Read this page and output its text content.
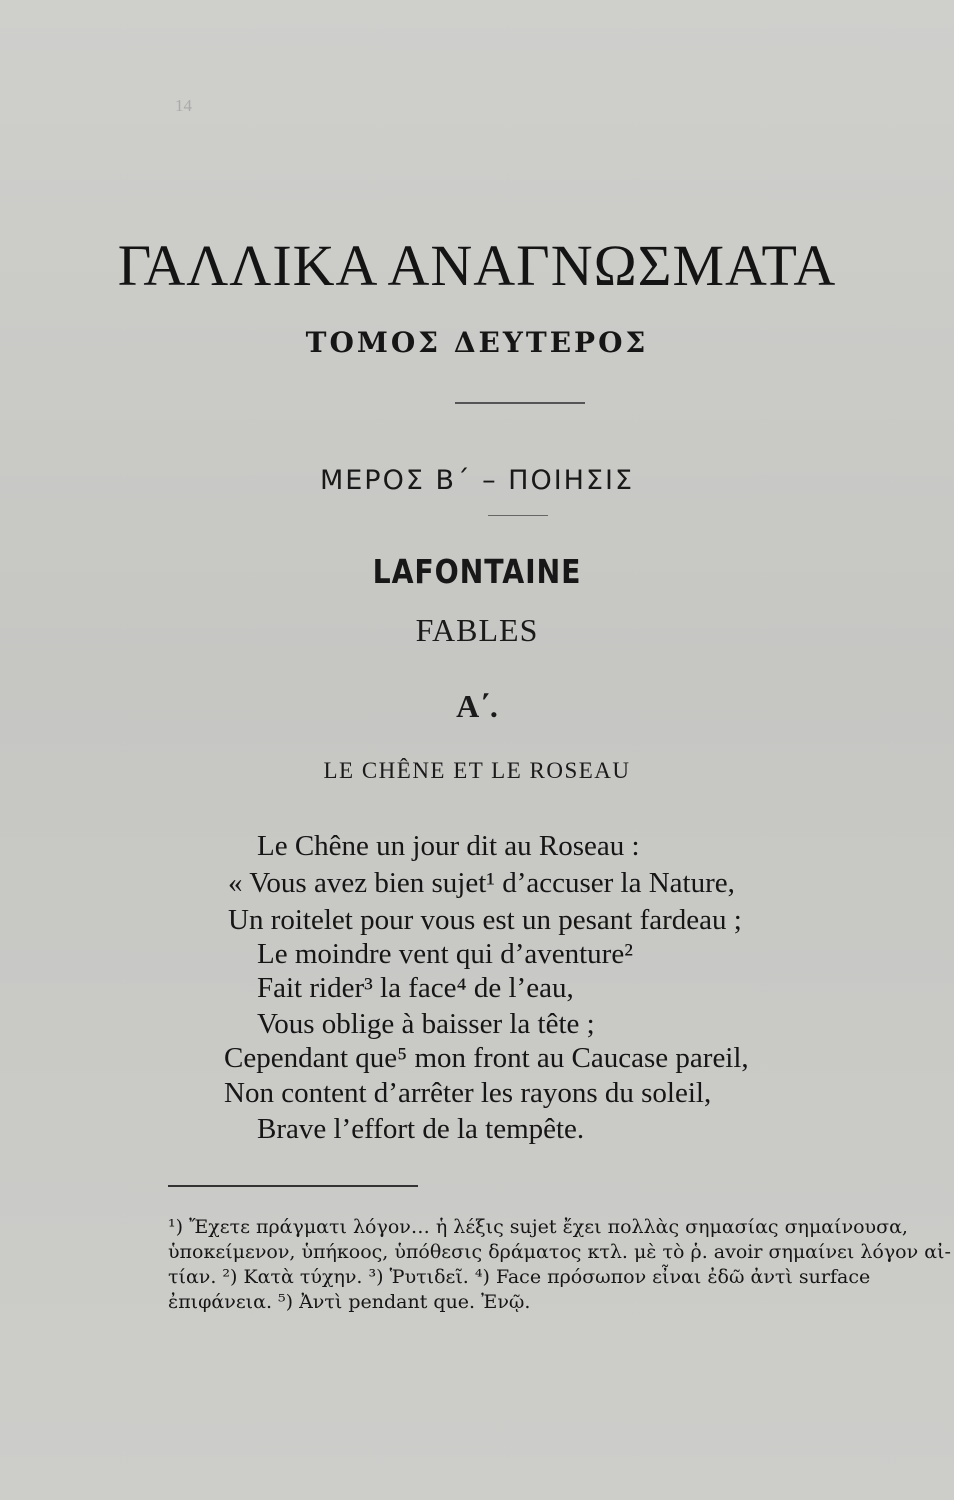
14
ΓΑΛΛΙΚΑ ΑΝΑΓΝΩΣΜΑΤΑ
ΤΟΜΟΣ ΔΕΥΤΕΡΟΣ
ΜΕΡΟΣ Β΄ – ΠΟΙΗΣΙΣ
LAFONTAINE
FABLES
Α΄.
LE CHÊNE ET LE ROSEAU
Le Chêne un jour dit au Roseau :
« Vous avez bien sujet¹ d’accuser la Nature,
Un roitelet pour vous est un pesant fardeau ;
Le moindre vent qui d’aventure²
Fait rider³ la face⁴ de l’eau,
Vous oblige à baisser la tête ;
Cependant que⁵ mon front au Caucase pareil,
Non content d’arrêter les rayons du soleil,
Brave l’effort de la tempête.
¹) Ἔχετε πράγματι λόγον… ἡ λέξις sujet ἔχει πολλὰς σημασίας σημαίνουσα,
ὑποκείμενον, ὑπήκοος, ὑπόθεσις δράματος κτλ. μὲ τὸ ῥ. avoir σημαίνει λόγον αἰ-
τίαν. ²) Κατὰ τύχην. ³) Ῥυτιδεῖ. ⁴) Face πρόσωπον εἶναι ἐδῶ ἀντὶ surface
ἐπιφάνεια. ⁵) Ἀντὶ pendant que. Ἐνῷ.
